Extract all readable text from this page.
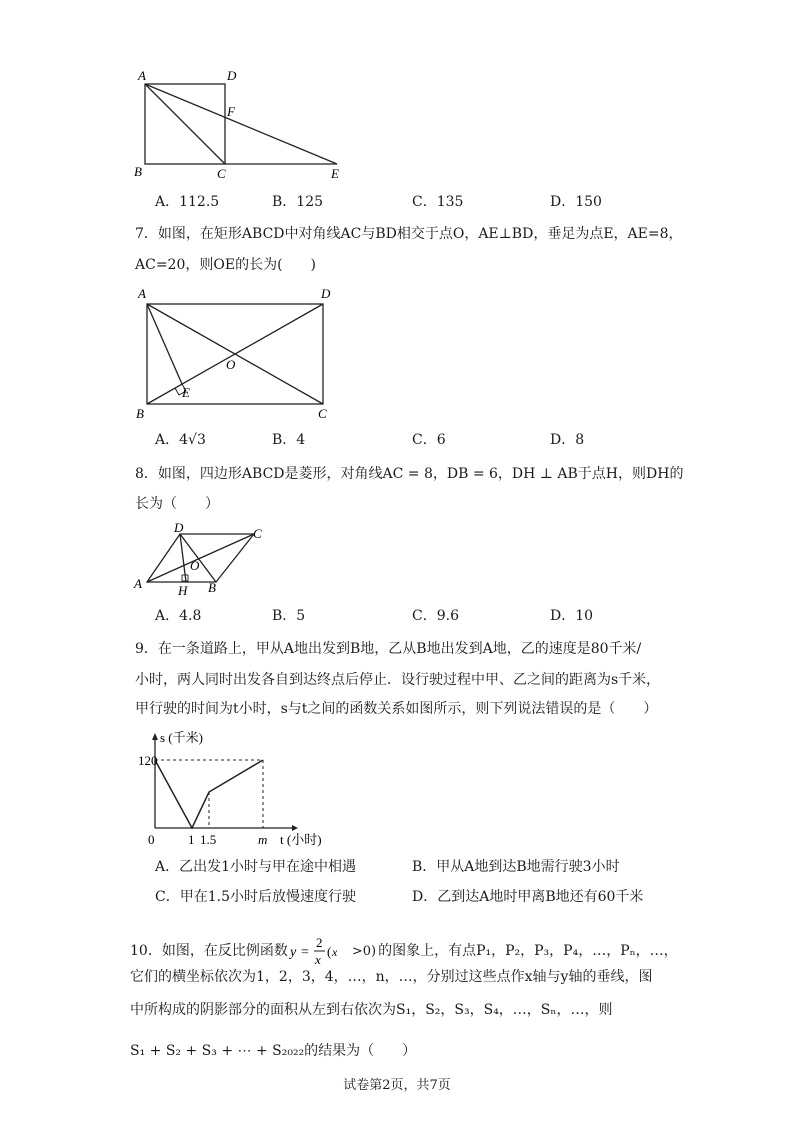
A	D
F
B	C	E
A．112.5	B．125	C．135	D．150
7．如图，在矩形ABCD中对角线AC与BD相交于点O，AE⊥BD，垂足为点E，AE=8，
AC=20，则OE的长为(　　)
A	D
O
E
B	C
A．4√3	B．4	C．6	D．8
8．如图，四边形ABCD是菱形，对角线AC = 8，DB = 6，DH ⊥ AB于点H，则DH的
长为（　　）
D	C
O
A	H B
A．4.8	B．5	C．9.6	D．10
9．在一条道路上，甲从A地出发到B地，乙从B地出发到A地，乙的速度是80千米/
小时，两人同时出发各自到达终点后停止．设行驶过程中甲、乙之间的距离为s千米，
甲行驶的时间为t小时，s与t之间的函数关系如图所示，则下列说法错误的是（　　）
s (千米)
120
0	1 1.5	m t (小时)
A．乙出发1小时与甲在途中相遇	B．甲从A地到达B地需行驶3小时
C．甲在1.5小时后放慢速度行驶	D．乙到达A地时甲离B地还有60千米
10．如图，在反比例函数 y =
2
x
( x >0) 的图象上，有点P₁，P₂，P₃，P₄，…，Pₙ，…，
它们的横坐标依次为1，2，3，4，…，n，…，分别过这些点作x轴与y轴的垂线，图
中所构成的阴影部分的面积从左到右依次为S₁，S₂，S₃，S₄，…，Sₙ，…，则
S₁ + S₂ + S₃ + ⋯ + S₂₀₂₂的结果为（　　）
试卷第2页，共7页
